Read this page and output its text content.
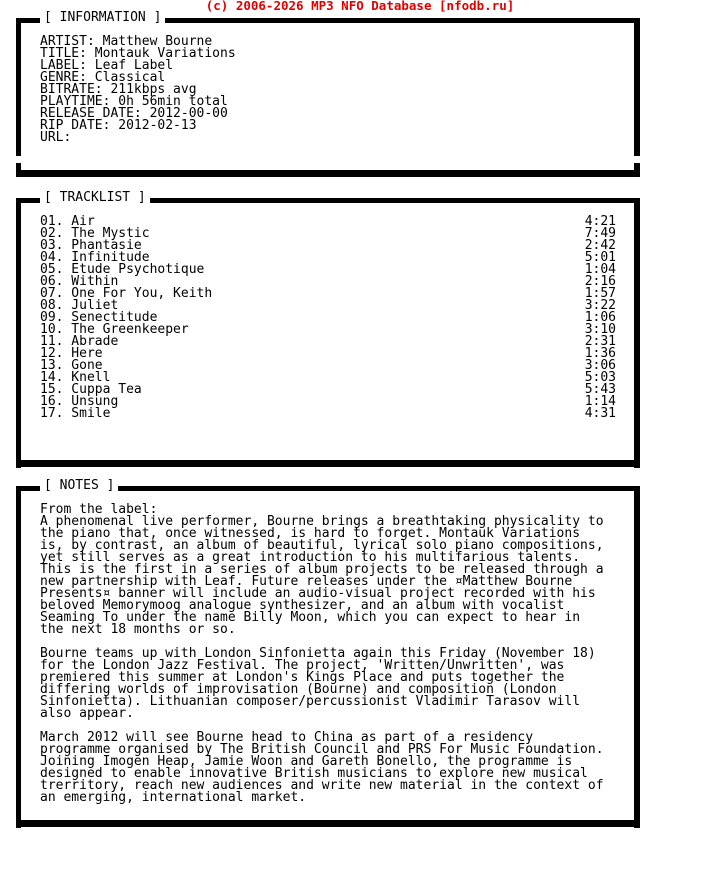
(c) 2006-2026 MP3 NFO Database [nfodb.ru]
[ INFORMATION ]
ARTIST: Matthew Bourne
TITLE: Montauk Variations
LABEL: Leaf Label
GENRE: Classical
BITRATE: 211kbps avg
PLAYTIME: 0h 56min total
RELEASE DATE: 2012-00-00
RIP DATE: 2012-02-13
URL:
[ TRACKLIST ]
01. Air	4:21
02. The Mystic	7:49
03. Phantasie	2:42
04. Infinitude	5:01
05. Etude Psychotique	1:04
06. Within	2:16
07. One For You, Keith	1:57
08. Juliet	3:22
09. Senectitude	1:06
10. The Greenkeeper	3:10
11. Abrade	2:31
12. Here	1:36
13. Gone	3:06
14. Knell	5:03
15. Cuppa Tea	5:43
16. Unsung	1:14
17. Smile	4:31
[ NOTES ]
From the label:
A phenomenal live performer, Bourne brings a breathtaking physicality to
the piano that, once witnessed, is hard to forget. Montauk Variations
is, by contrast, an album of beautiful, lyrical solo piano compositions,
yet still serves as a great introduction to his multifarious talents.
This is the first in a series of album projects to be released through a
new partnership with Leaf. Future releases under the ¤Matthew Bourne
Presents¤ banner will include an audio-visual project recorded with his
beloved Memorymoog analogue synthesizer, and an album with vocalist
Seaming To under the name Billy Moon, which you can expect to hear in
the next 18 months or so.
Bourne teams up with London Sinfonietta again this Friday (November 18)
for the London Jazz Festival. The project, 'Written/Unwritten', was
premiered this summer at London's Kings Place and puts together the
differing worlds of improvisation (Bourne) and composition (London
Sinfonietta). Lithuanian composer/percussionist Vladimir Tarasov will
also appear.
March 2012 will see Bourne head to China as part of a residency
programme organised by The British Council and PRS For Music Foundation.
Joining Imogen Heap, Jamie Woon and Gareth Bonello, the programme is
designed to enable innovative British musicians to explore new musical
trerritory, reach new audiences and write new material in the context of
an emerging, international market.
